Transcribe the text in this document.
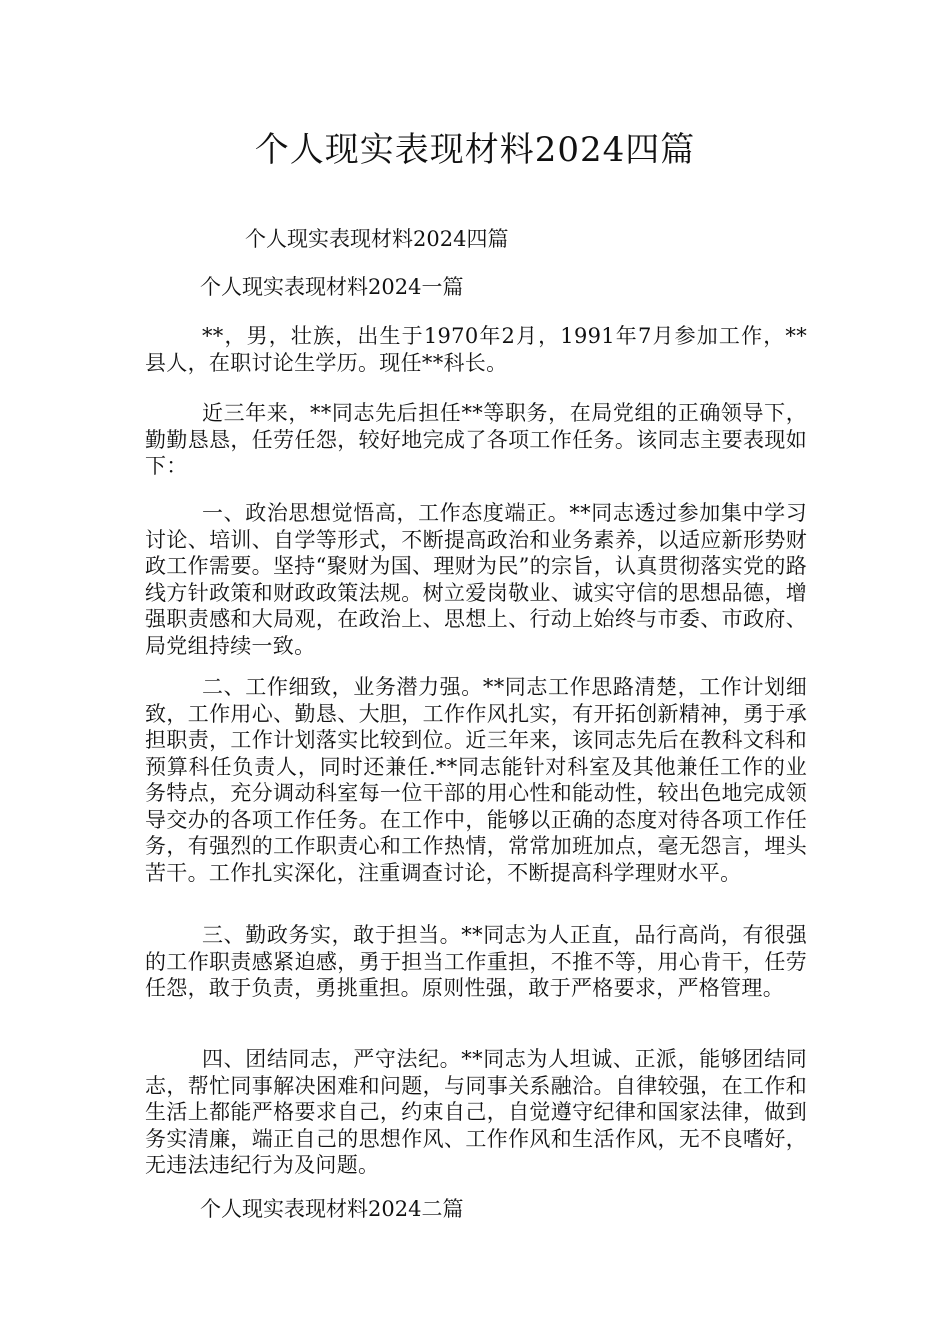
个人现实表现材料2024四篇

个人现实表现材料2024四篇

个人现实表现材料2024一篇

**，男，壮族，出生于1970年2月，1991年7月参加工作，**县人，在职讨论生学历。现任**科长。

近三年来，**同志先后担任**等职务，在局党组的正确领导下，勤勤恳恳，任劳任怨，较好地完成了各项工作任务。该同志主要表现如下：

一、政治思想觉悟高，工作态度端正。**同志透过参加集中学习讨论、培训、自学等形式，不断提高政治和业务素养，以适应新形势财政工作需要。坚持“聚财为国、理财为民”的宗旨，认真贯彻落实党的路线方针政策和财政政策法规。树立爱岗敬业、诚实守信的思想品德，增强职责感和大局观，在政治上、思想上、行动上始终与市委、市政府、局党组持续一致。

二、工作细致，业务潜力强。**同志工作思路清楚，工作计划细致，工作用心、勤恳、大胆，工作作风扎实，有开拓创新精神，勇于承担职责，工作计划落实比较到位。近三年来，该同志先后在教科文科和预算科任负责人，同时还兼任.**同志能针对科室及其他兼任工作的业务特点，充分调动科室每一位干部的用心性和能动性，较出色地完成领导交办的各项工作任务。在工作中，能够以正确的态度对待各项工作任务，有强烈的工作职责心和工作热情，常常加班加点，毫无怨言，埋头苦干。工作扎实深化，注重调查讨论，不断提高科学理财水平。

三、勤政务实，敢于担当。**同志为人正直，品行高尚，有很强的工作职责感紧迫感，勇于担当工作重担，不推不等，用心肯干，任劳任怨，敢于负责，勇挑重担。原则性强，敢于严格要求，严格管理。

四、团结同志，严守法纪。**同志为人坦诚、正派，能够团结同志，帮忙同事解决困难和问题，与同事关系融洽。自律较强，在工作和生活上都能严格要求自己，约束自己，自觉遵守纪律和国家法律，做到务实清廉，端正自己的思想作风、工作作风和生活作风，无不良嗜好，无违法违纪行为及问题。

个人现实表现材料2024二篇
